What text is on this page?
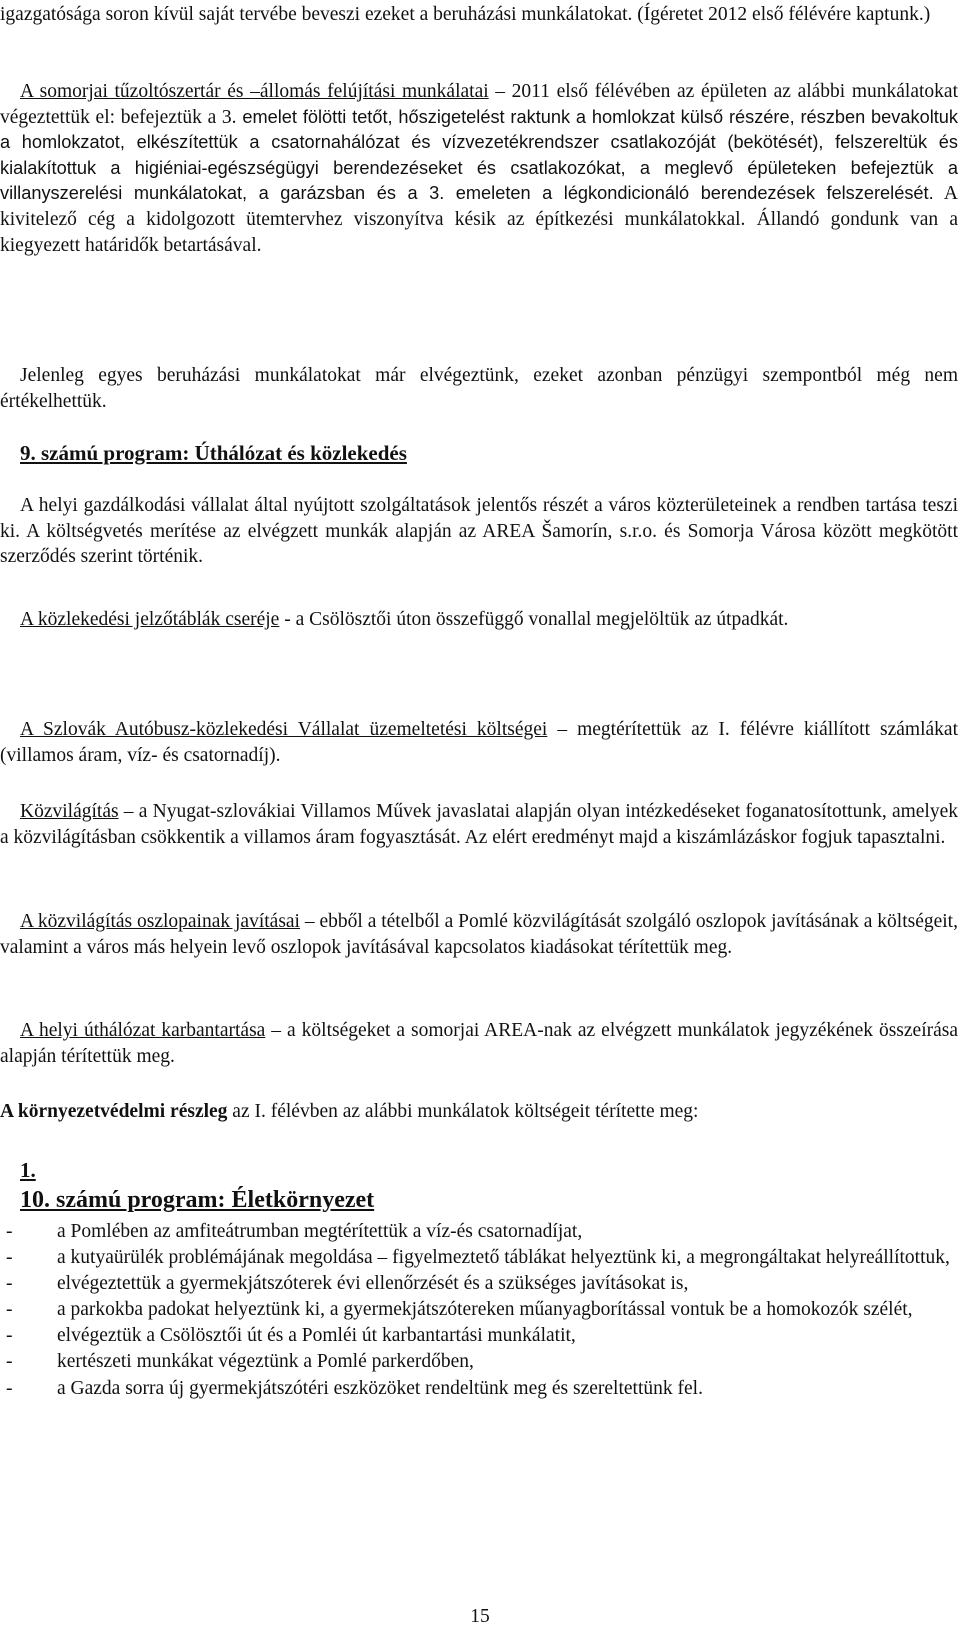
igazgatósága soron kívül saját tervébe beveszi ezeket a beruházási munkálatokat. (Ígéretet 2012 első félévére kaptunk.)

A somorjai tűzoltószertár és –állomás felújítási munkálatai – 2011 első félévében az épületen az alábbi munkálatokat végeztettük el: befejeztük a 3. emelet fölötti tetőt, hőszigetelést raktunk a homlokzat külső részére, részben bevakoltuk a homlokzatot, elkészítettük a csatornahálózat és vízvezetékrendszer csatlakozóját (bekötését), felszereltük és kialakítottuk a higiéniai-egészségügyi berendezéseket és csatlakozókat, a meglevő épületeken befejeztük a villanyszerelési munkálatokat, a garázsban és a 3. emeleten a légkondicionáló berendezések felszerelését. A kivitelező cég a kidolgozott ütemtervhez viszonyítva késik az építkezési munkálatokkal. Állandó gondunk van a kiegyezett határidők betartásával.

Jelenleg egyes beruházási munkálatokat már elvégeztünk, ezeket azonban pénzügyi szempontból még nem értékelhettük.

9. számú program: Úthálózat és közlekedés

A helyi gazdálkodási vállalat által nyújtott szolgáltatások jelentős részét a város közterületeinek a rendben tartása teszi ki. A költségvetés merítése az elvégzett munkák alapján az AREA Šamorín, s.r.o. és Somorja Városa között megkötött szerződés szerint történik.

A közlekedési jelzőtáblák cseréje - a Csölösztői úton összefüggő vonallal megjelöltük az útpadkát.

A Szlovák Autóbusz-közlekedési Vállalat üzemeltetési költségei – megtérítettük az I. félévre kiállított számlákat (villamos áram, víz- és csatornadíj).

Közvilágítás – a Nyugat-szlovákiai Villamos Művek javaslatai alapján olyan intézkedéseket foganatosítottunk, amelyek a közvilágításban csökkentik a villamos áram fogyasztását. Az elért eredményt majd a kiszámlázáskor fogjuk tapasztalni.

A közvilágítás oszlopainak javításai – ebből a tételből a Pomlé közvilágítását szolgáló oszlopok javításának a költségeit, valamint a város más helyein levő oszlopok javításával kapcsolatos kiadásokat térítettük meg.

A helyi úthálózat karbantartása – a költségeket a somorjai AREA-nak az elvégzett munkálatok jegyzékének összeírása alapján térítettük meg.

A környezetvédelmi részleg az I. félévben az alábbi munkálatok költségeit térítette meg:

1.

10. számú program: Életkörnyezet

- a Pomlében az amfiteátrumban megtérítettük a víz-és csatornadíjat,
- a kutyaürülék problémájának megoldása – figyelmeztető táblákat helyeztünk ki, a megrongáltakat helyreállítottuk,
- elvégeztettük a gyermekjátszóterek évi ellenőrzését és a szükséges javításokat is,
- a parkokba padokat helyeztünk ki, a gyermekjátszótereken műanyagborítással vontuk be a homokozók szélét,
- elvégeztük a Csölösztői út és a Pomléi út karbantartási munkálatit,
- kertészeti munkákat végeztünk a Pomlé parkerdőben,
- a Gazda sorra új gyermekjátszótéri eszközöket rendeltünk meg és szereltettünk fel.
15
